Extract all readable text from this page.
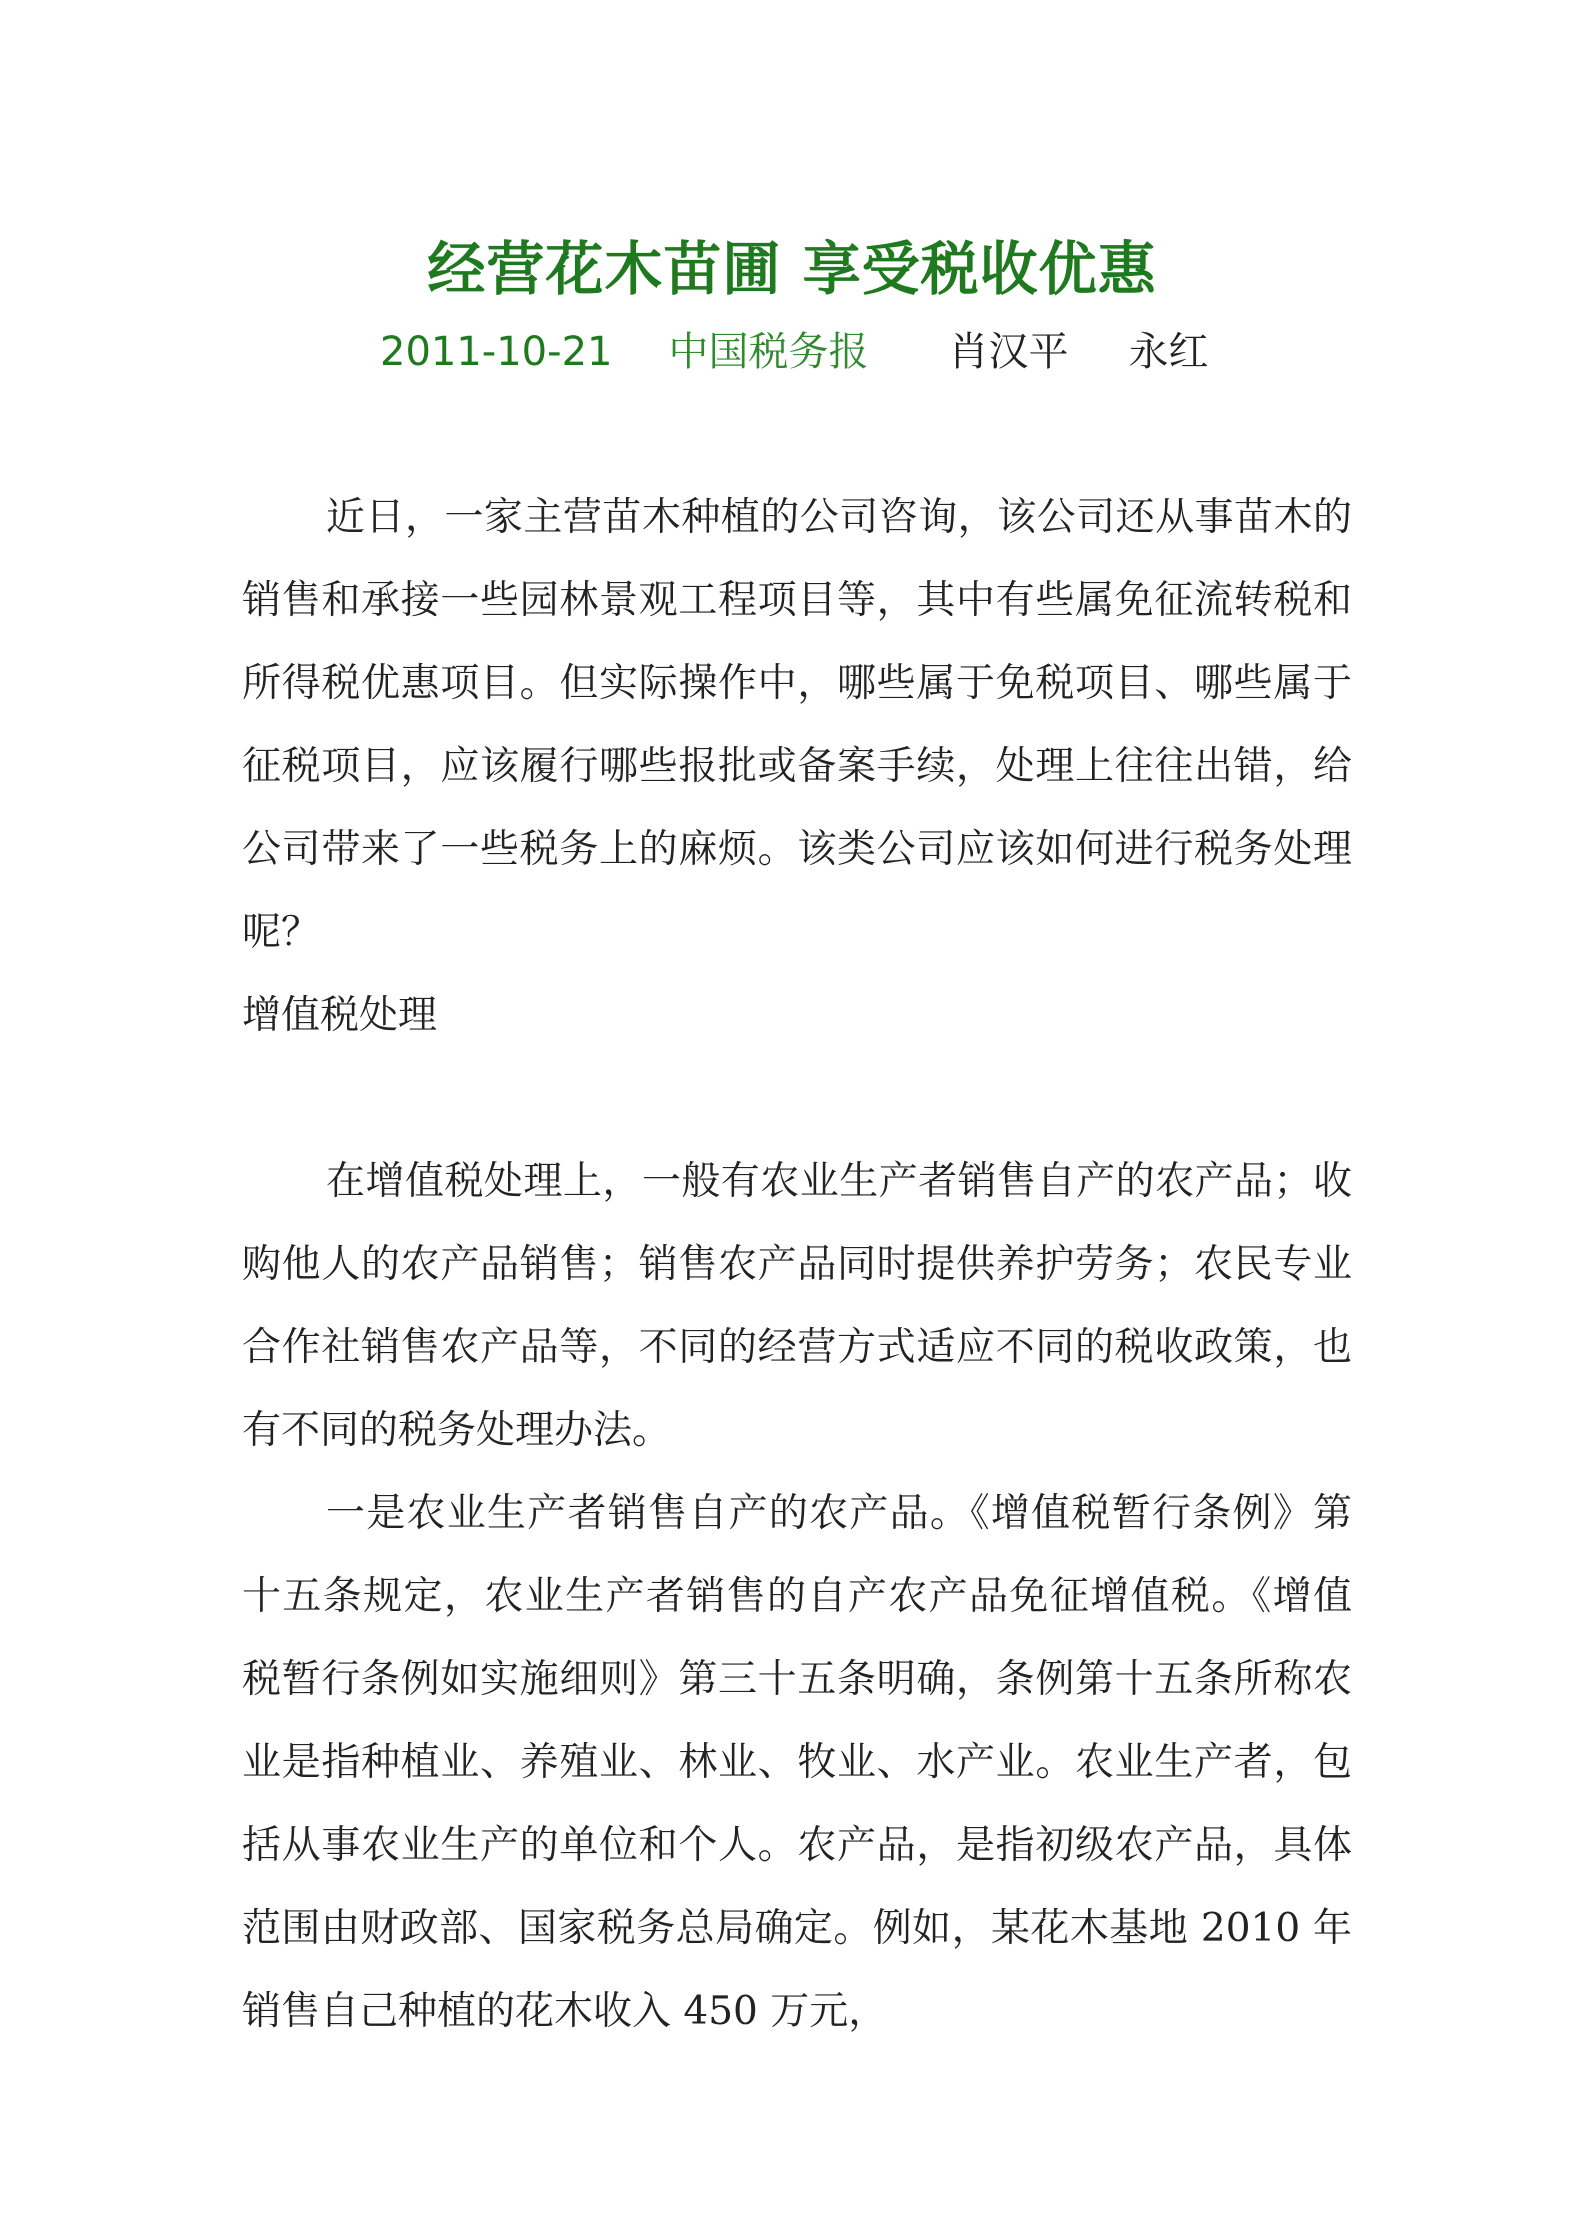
经营花木苗圃 享受税收优惠
2011-10-21 中国税务报 肖汉平 永红

近日，一家主营苗木种植的公司咨询，该公司还从事苗木的销售和承接一些园林景观工程项目等，其中有些属免征流转税和所得税优惠项目。但实际操作中，哪些属于免税项目、哪些属于征税项目，应该履行哪些报批或备案手续，处理上往往出错，给公司带来了一些税务上的麻烦。该类公司应该如何进行税务处理呢？

增值税处理

在增值税处理上，一般有农业生产者销售自产的农产品；收购他人的农产品销售；销售农产品同时提供养护劳务；农民专业合作社销售农产品等，不同的经营方式适应不同的税收政策，也有不同的税务处理办法。

一是农业生产者销售自产的农产品。《增值税暂行条例》第十五条规定，农业生产者销售的自产农产品免征增值税。《增值税暂行条例如实施细则》第三十五条明确，条例第十五条所称农业是指种植业、养殖业、林业、牧业、水产业。农业生产者，包括从事农业生产的单位和个人。农产品，是指初级农产品，具体范围由财政部、国家税务总局确定。例如，某花木基地 2010 年销售自己种植的花木收入 450 万元，
